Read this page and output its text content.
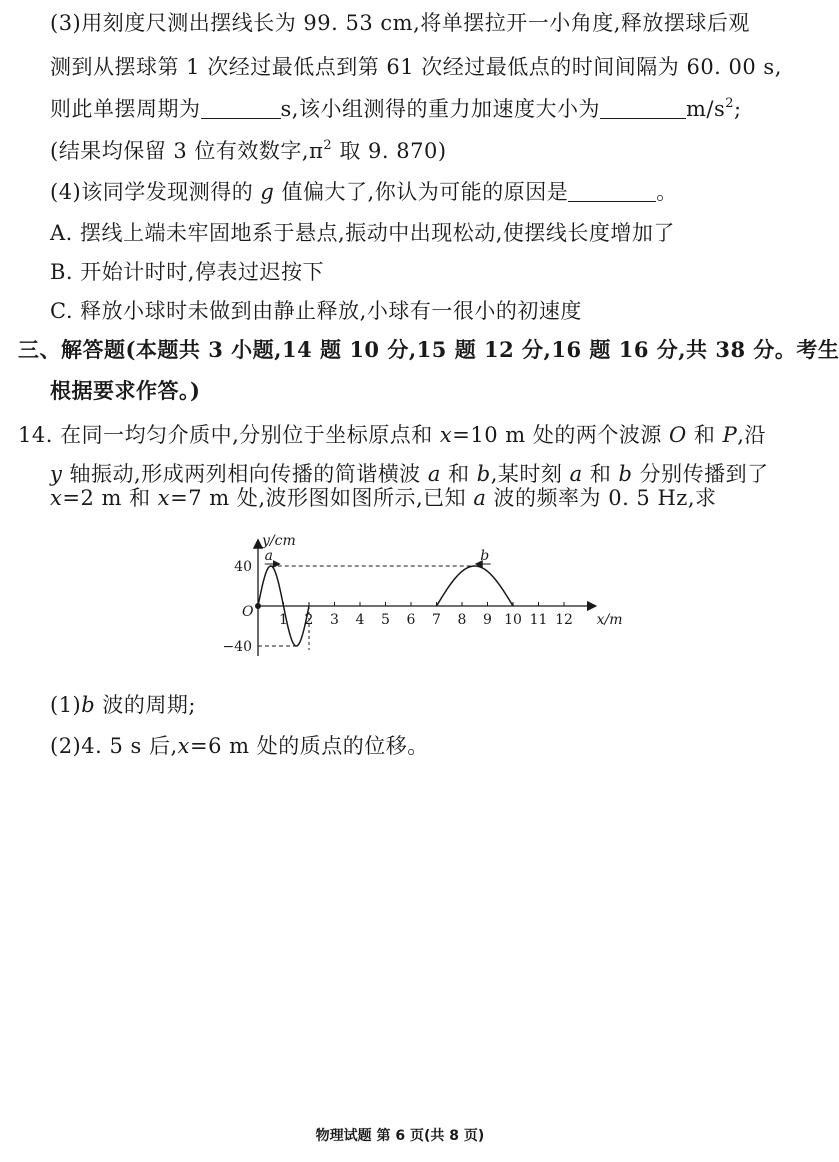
(3)用刻度尺测出摆线长为 99. 53 cm,将单摆拉开一小角度,释放摆球后观
测到从摆球第 1 次经过最低点到第 61 次经过最低点的时间间隔为 60. 00 s,
则此单摆周期为	s,该小组测得的重力加速度大小为	$m/s^2$;
(结果均保留 3 位有效数字$,\pi^2$ 取 9. 870)
(4)该同学发现测得的 g 值偏大了,你认为可能的原因是	。
A. 摆线上端未牢固地系于悬点,振动中出现松动,使摆线长度增加了
B. 开始计时时,停表过迟按下
C. 释放小球时未做到由静止释放,小球有一很小的初速度
三、解答题(本题共 3 小题,14 题 10 分,15 题 12 分,16 题 16 分,共 38 分。考生
根据要求作答。)
14. 在同一均匀介质中,分别位于坐标原点和 x=10 m 处的两个波源 O 和 P,沿
y 轴振动,形成两列相向传播的简谐横波 a 和 b,某时刻 a 和 b 分别传播到了
x=2 m 和 x=7 m 处,波形图如图所示,已知 a 波的频率为 0. 5 Hz,求
1 2 3 4 5 6 7 8 9 10 11 12
40
−40
x/m
y/cm
O
a	b
(1)b 波的周期;
(2)4. 5 s 后,x=6 m 处的质点的位移。
物理试题 第 6 页(共 8 页)
